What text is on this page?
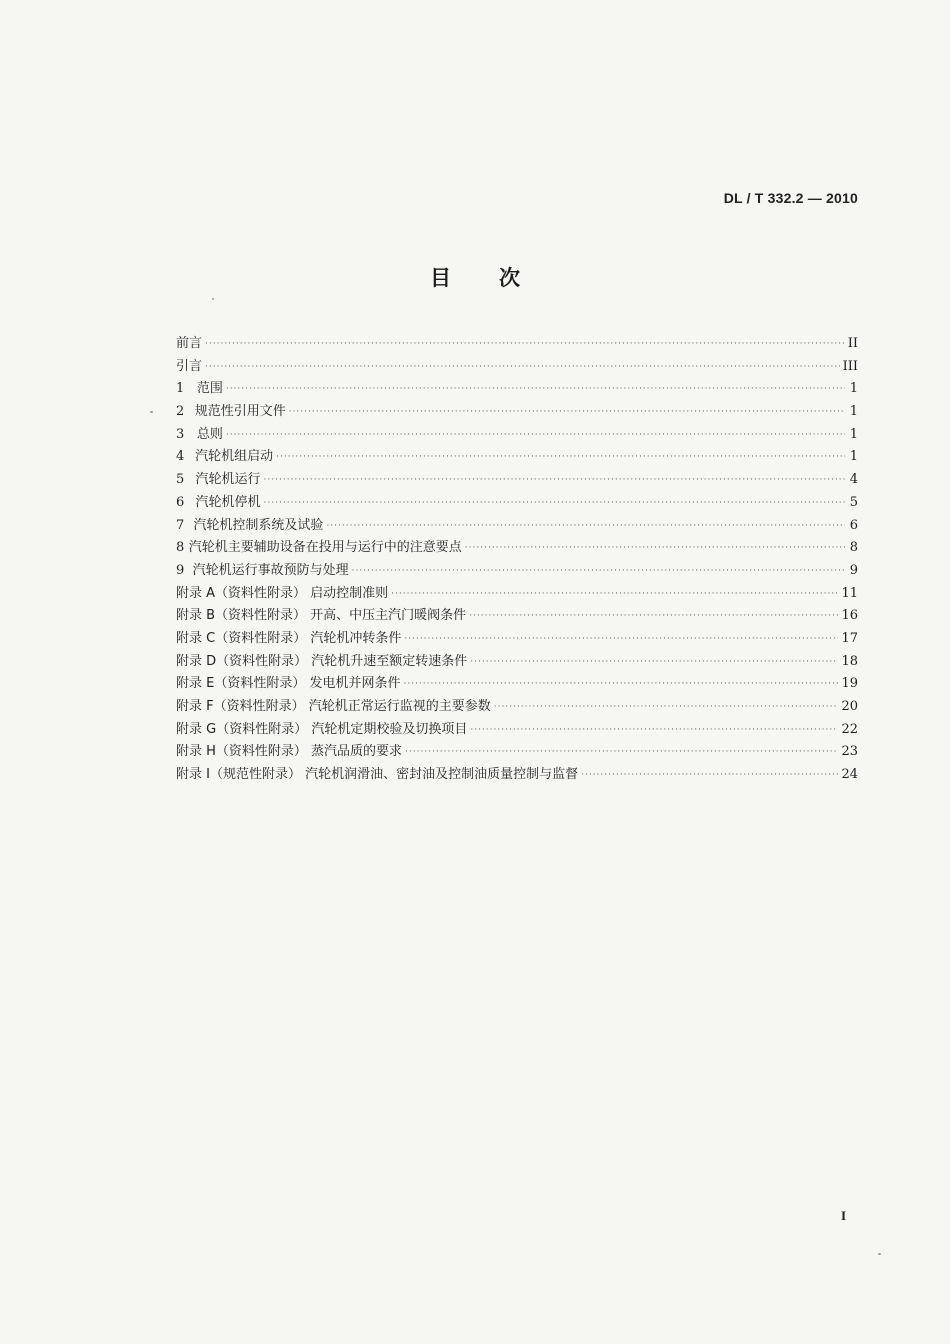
DL / T 332.2 — 2010
目次
前言 ·····	II
引言 ·····	III
1 范围 ·····	1
2 规范性引用文件 ·····	1
3 总则 ·····	1
4 汽轮机组启动 ·····	1
5 汽轮机运行 ·····	4
6 汽轮机停机 ·····	5
7 汽轮机控制系统及试验 ·····	6
8 汽轮机主要辅助设备在投用与运行中的注意要点 ·····	8
9 汽轮机运行事故预防与处理 ·····	9
附录 A（资料性附录） 启动控制准则 ·····	11
附录 B（资料性附录） 开高、中压主汽门暖阀条件 ·····	16
附录 C（资料性附录） 汽轮机冲转条件 ·····	17
附录 D（资料性附录） 汽轮机升速至额定转速条件 ·····	18
附录 E（资料性附录） 发电机并网条件 ·····	19
附录 F（资料性附录） 汽轮机正常运行监视的主要参数 ·····	20
附录 G（资料性附录） 汽轮机定期校验及切换项目 ·····	22
附录 H（资料性附录） 蒸汽品质的要求 ·····	23
附录 I（规范性附录） 汽轮机润滑油、密封油及控制油质量控制与监督 ·····	24
I
